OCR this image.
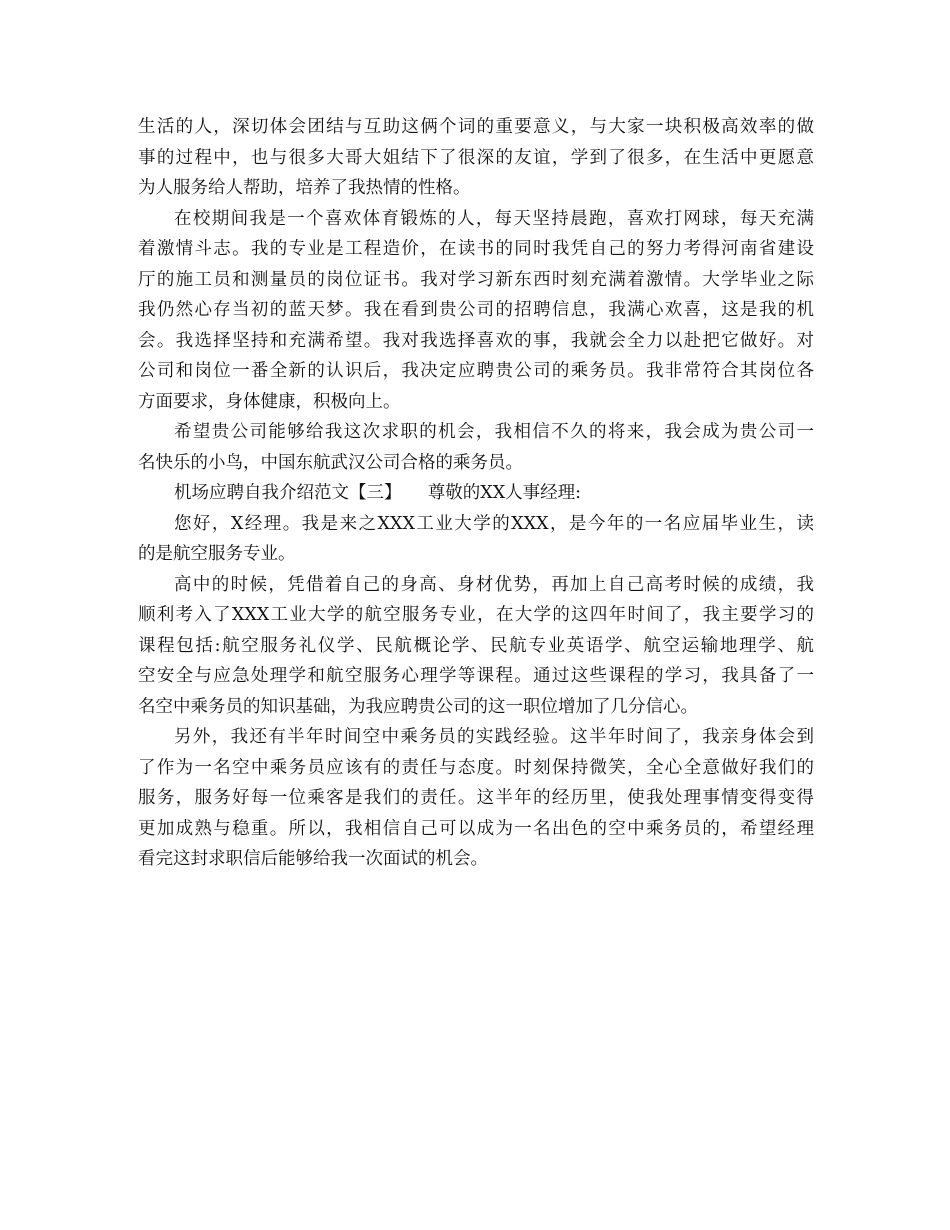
生活的人，深切体会团结与互助这俩个词的重要意义，与大家一块积极高效率的做
事的过程中，也与很多大哥大姐结下了很深的友谊，学到了很多，在生活中更愿意
为人服务给人帮助，培养了我热情的性格。
在校期间我是一个喜欢体育锻炼的人，每天坚持晨跑，喜欢打网球，每天充满
着激情斗志。我的专业是工程造价，在读书的同时我凭自己的努力考得河南省建设
厅的施工员和测量员的岗位证书。我对学习新东西时刻充满着激情。大学毕业之际
我仍然心存当初的蓝天梦。我在看到贵公司的招聘信息，我满心欢喜，这是我的机
会。我选择坚持和充满希望。我对我选择喜欢的事，我就会全力以赴把它做好。对
公司和岗位一番全新的认识后，我决定应聘贵公司的乘务员。我非常符合其岗位各
方面要求，身体健康，积极向上。
希望贵公司能够给我这次求职的机会，我相信不久的将来，我会成为贵公司一
名快乐的小鸟，中国东航武汉公司合格的乘务员。
机场应聘自我介绍范文【三】　　尊敬的XX人事经理:
您好，X经理。我是来之XXX工业大学的XXX，是今年的一名应届毕业生，读
的是航空服务专业。
高中的时候，凭借着自己的身高、身材优势，再加上自己高考时候的成绩，我
顺利考入了XXX工业大学的航空服务专业，在大学的这四年时间了，我主要学习的
课程包括:航空服务礼仪学、民航概论学、民航专业英语学、航空运输地理学、航
空安全与应急处理学和航空服务心理学等课程。通过这些课程的学习，我具备了一
名空中乘务员的知识基础，为我应聘贵公司的这一职位增加了几分信心。
另外，我还有半年时间空中乘务员的实践经验。这半年时间了，我亲身体会到
了作为一名空中乘务员应该有的责任与态度。时刻保持微笑，全心全意做好我们的
服务，服务好每一位乘客是我们的责任。这半年的经历里，使我处理事情变得变得
更加成熟与稳重。所以，我相信自己可以成为一名出色的空中乘务员的，希望经理
看完这封求职信后能够给我一次面试的机会。
